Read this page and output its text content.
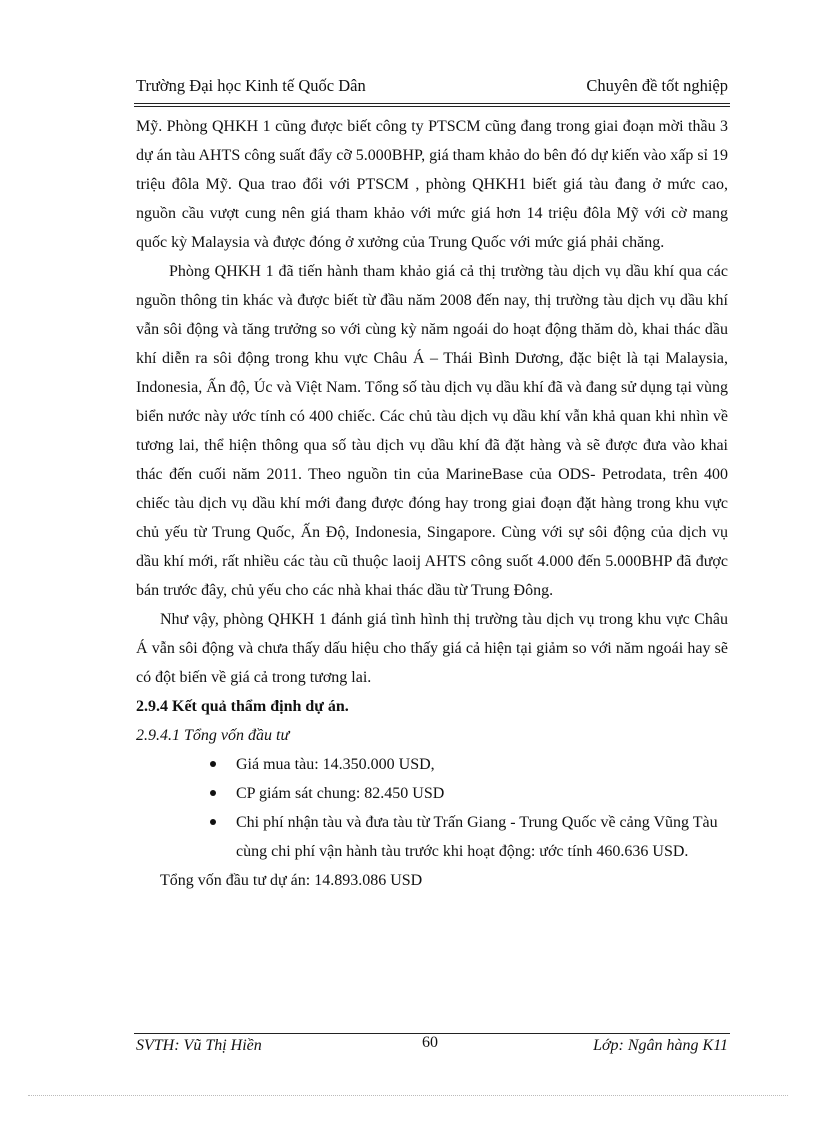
Trường Đại học Kinh tế Quốc Dân	Chuyên đề tốt nghiệp

Mỹ. Phòng QHKH 1 cũng được biết công ty PTSCM cũng đang trong giai đoạn mời thầu 3 dự án tàu AHTS công suất đẩy cỡ 5.000BHP, giá tham khảo do bên đó dự kiến vào xấp sỉ 19 triệu đôla Mỹ. Qua trao đổi với PTSCM , phòng QHKH1 biết giá tàu đang ở mức cao, nguồn cầu vượt cung nên giá tham khảo với mức giá hơn 14 triệu đôla Mỹ với cờ mang quốc kỳ Malaysia và được đóng ở xưởng của Trung Quốc với mức giá phải chăng.

Phòng QHKH 1 đã tiến hành tham khảo giá cả thị trường tàu dịch vụ dầu khí qua các nguồn thông tin khác và được biết từ đầu năm 2008 đến nay, thị trường tàu dịch vụ dầu khí vẫn sôi động và tăng trưởng so với cùng kỳ năm ngoái do hoạt động thăm dò, khai thác dầu khí diễn ra sôi động trong khu vực Châu Á – Thái Bình Dương, đặc biệt là tại Malaysia, Indonesia, Ấn độ, Úc và Việt Nam. Tổng số tàu dịch vụ dầu khí đã và đang sử dụng tại vùng biển nước này ước tính có 400 chiếc. Các chủ tàu dịch vụ dầu khí vẫn khả quan khi nhìn về tương lai, thể hiện thông qua số tàu dịch vụ dầu khí đã đặt hàng và sẽ được đưa vào khai thác đến cuối năm 2011. Theo nguồn tin của MarineBase của ODS- Petrodata, trên 400 chiếc tàu dịch vụ dầu khí mới đang được đóng hay trong giai đoạn đặt hàng trong khu vực chủ yếu từ Trung Quốc, Ấn Độ, Indonesia, Singapore. Cùng với sự sôi động của dịch vụ dầu khí mới, rất nhiều các tàu cũ thuộc laoij AHTS công suốt 4.000 đến 5.000BHP đã được bán trước đây, chủ yếu cho các nhà khai thác dầu từ Trung Đông.

Như vậy, phòng QHKH 1 đánh giá tình hình thị trường tàu dịch vụ trong khu vực Châu Á vẫn sôi động và chưa thấy dấu hiệu cho thấy giá cả hiện tại giảm so với năm ngoái hay sẽ có đột biến về giá cả trong tương lai.

2.9.4 Kết quả thẩm định dự án.

2.9.4.1 Tổng vốn đầu tư

Giá mua tàu: 14.350.000 USD,
CP giám sát chung: 82.450 USD
Chi phí nhận tàu và đưa tàu từ Trấn Giang - Trung Quốc về cảng Vũng Tàu cùng chi phí vận hành tàu trước khi hoạt động: ước tính 460.636 USD.

Tổng vốn đầu tư dự án: 14.893.086 USD

SVTH: Vũ Thị Hiền	60	Lớp: Ngân hàng K11
